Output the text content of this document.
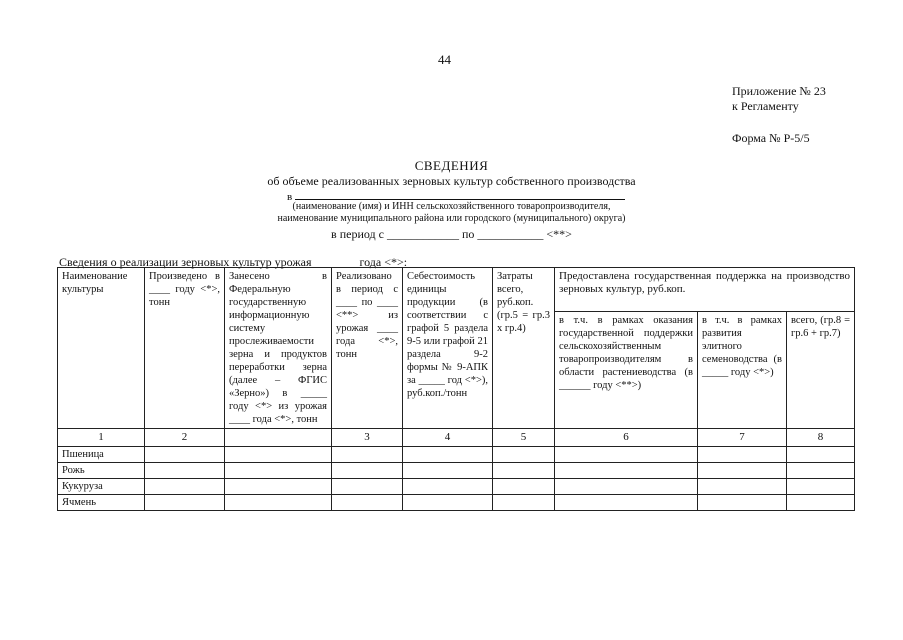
44
Приложение № 23
к Регламенту
Форма № Р-5/5
СВЕДЕНИЯ
об объеме реализованных зерновых культур собственного производства
в
(наименование (имя) и ИНН сельскохозяйственного товаропроизводителя,
наименование муниципального района или городского (муниципального) округа)
в период с ____________ по ___________ <**>
Сведения о реализации зерновых культур урожая _______ года <*>:
Наименование культуры	Произведено в ____ году <*>, тонн	Занесено в Федеральную государственную информационную систему прослеживаемости зерна и продуктов переработки зерна (далее – ФГИС «Зерно») в _____ году <*> из урожая ____ года <*>, тонн	Реализовано в период с ____ по ____ <**> из урожая ____ года <*>, тонн	Себестоимость единицы продукции (в соответствии с графой 5 раздела 9-5 или графой 21 раздела 9-2 формы № 9-АПК за _____ год <*>), руб.коп./тонн	Затраты всего, руб.коп. (гр.5 = гр.3 х гр.4)	Предоставлена государственная поддержка на производство зерновых культур, руб.коп.		
						в т.ч. в рамках оказания государственной поддержки сельскохозяйственным товаропроизводителям в области растениеводства (в ______ году <**>)	в т.ч. в рамках развития элитного семеноводства (в _____ году <*>)	всего, (гр.8 = гр.6 + гр.7)
1	2		3	4	5	6	7	8
Пшеница								
Рожь								
Кукуруза								
Ячмень								
